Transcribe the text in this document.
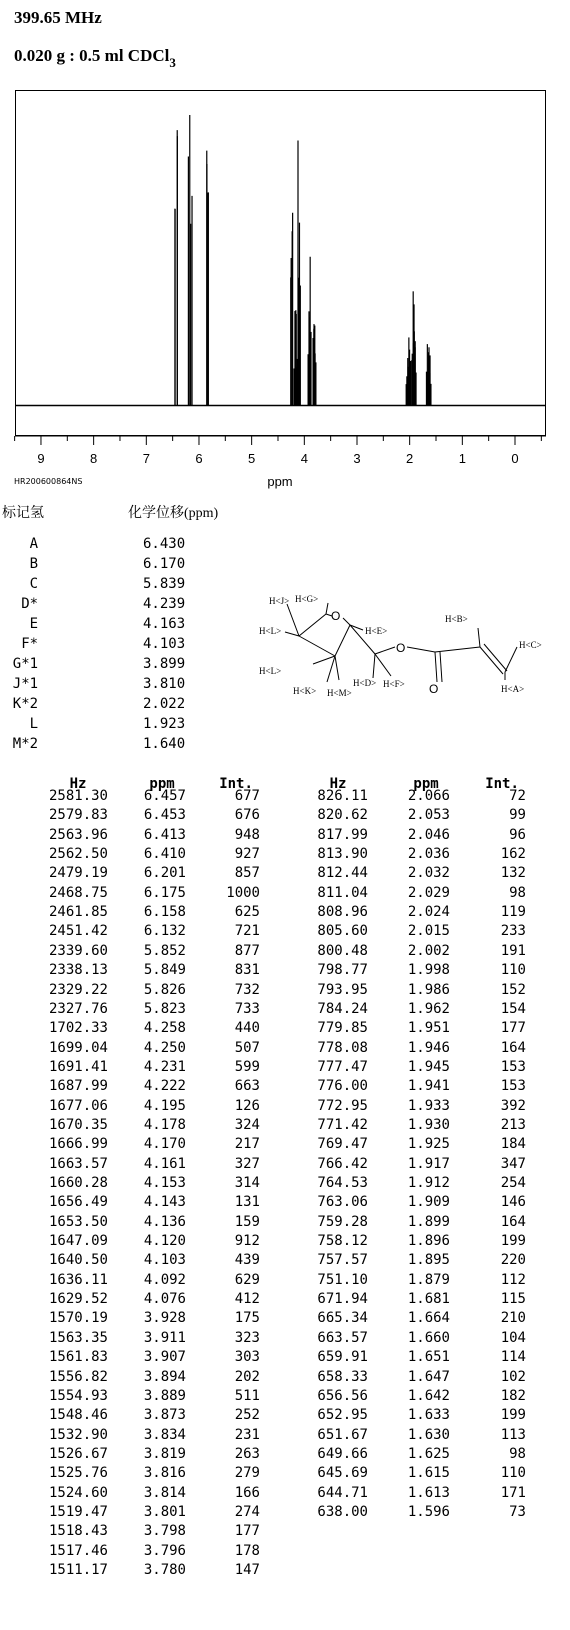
399.65 MHz
0.020 g : 0.5 ml CDCl$_3$
9	8	7	6	5	4	3	2	1	0
ppm
HR200600864NS
标记氢	化学位移(ppm)
A	6.430
B	6.170
C	5.839
D*	4.239
E	4.163
F*	4.103
G*1	3.899
J*1	3.810
K*2	2.022
L	1.923
M*2	1.640
H<G>
H<J>
H<L>
H<L>
H<E>
H<K> H<M>
H<D> H<F>
H<B>
H<C>
H<A>
O
O
O
Hz	ppm	Int.	Hz	ppm	Int.
2581.30	6.457	677
2579.83	6.453	676
2563.96	6.413	948
2562.50	6.410	927
2479.19	6.201	857
2468.75	6.175	1000
2461.85	6.158	625
2451.42	6.132	721
2339.60	5.852	877
2338.13	5.849	831
2329.22	5.826	732
2327.76	5.823	733
1702.33	4.258	440
1699.04	4.250	507
1691.41	4.231	599
1687.99	4.222	663
1677.06	4.195	126
1670.35	4.178	324
1666.99	4.170	217
1663.57	4.161	327
1660.28	4.153	314
1656.49	4.143	131
1653.50	4.136	159
1647.09	4.120	912
1640.50	4.103	439
1636.11	4.092	629
1629.52	4.076	412
1570.19	3.928	175
1563.35	3.911	323
1561.83	3.907	303
1556.82	3.894	202
1554.93	3.889	511
1548.46	3.873	252
1532.90	3.834	231
1526.67	3.819	263
1525.76	3.816	279
1524.60	3.814	166
1519.47	3.801	274
1518.43	3.798	177
1517.46	3.796	178
1511.17	3.780	147
826.11	2.066	72
820.62	2.053	99
817.99	2.046	96
813.90	2.036	162
812.44	2.032	132
811.04	2.029	98
808.96	2.024	119
805.60	2.015	233
800.48	2.002	191
798.77	1.998	110
793.95	1.986	152
784.24	1.962	154
779.85	1.951	177
778.08	1.946	164
777.47	1.945	153
776.00	1.941	153
772.95	1.933	392
771.42	1.930	213
769.47	1.925	184
766.42	1.917	347
764.53	1.912	254
763.06	1.909	146
759.28	1.899	164
758.12	1.896	199
757.57	1.895	220
751.10	1.879	112
671.94	1.681	115
665.34	1.664	210
663.57	1.660	104
659.91	1.651	114
658.33	1.647	102
656.56	1.642	182
652.95	1.633	199
651.67	1.630	113
649.66	1.625	98
645.69	1.615	110
644.71	1.613	171
638.00	1.596	73
